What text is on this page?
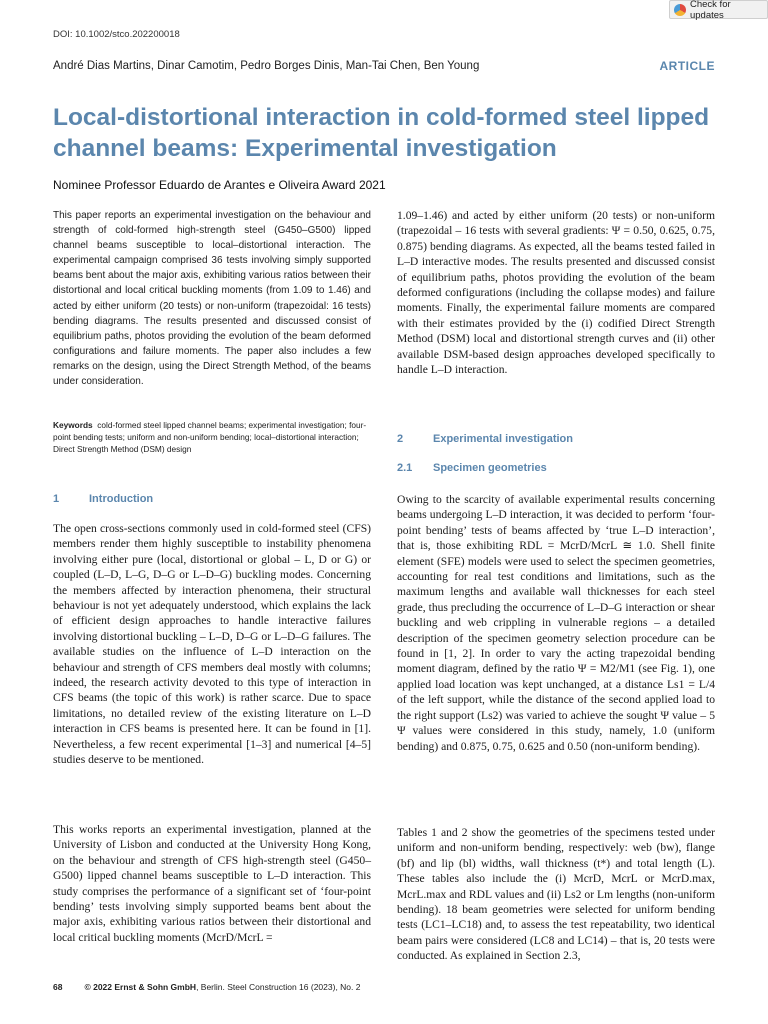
DOI: 10.1002/stco.202200018
Check for updates
André Dias Martins, Dinar Camotim, Pedro Borges Dinis, Man-Tai Chen, Ben Young	ARTICLE
Local-distortional interaction in cold-formed steel lipped channel beams: Experimental investigation
Nominee Professor Eduardo de Arantes e Oliveira Award 2021
This paper reports an experimental investigation on the behaviour and strength of cold-formed high-strength steel (G450–G500) lipped channel beams susceptible to local–distortional interaction. The experimental campaign comprised 36 tests involving simply supported beams bent about the major axis, exhibiting various ratios between their distortional and local critical buckling moments (from 1.09 to 1.46) and acted by either uniform (20 tests) or non-uniform (trapezoidal: 16 tests) bending diagrams. The results presented and discussed consist of equilibrium paths, photos providing the evolution of the beam deformed configurations and failure moments. The paper also includes a few remarks on the design, using the Direct Strength Method, of the beams under consideration.
Keywords cold-formed steel lipped channel beams; experimental investigation; four-point bending tests; uniform and non-uniform bending; local–distortional interaction; Direct Strength Method (DSM) design
1.09–1.46) and acted by either uniform (20 tests) or non-uniform (trapezoidal – 16 tests with several gradients: Ψ = 0.50, 0.625, 0.75, 0.875) bending diagrams. As expected, all the beams tested failed in L–D interactive modes. The results presented and discussed consist of equilibrium paths, photos providing the evolution of the beam deformed configurations (including the collapse modes) and failure moments. Finally, the experimental failure moments are compared with their estimates provided by the (i) codified Direct Strength Method (DSM) local and distortional strength curves and (ii) other available DSM-based design approaches developed specifically to handle L–D interaction.
2	Experimental investigation
2.1 Specimen geometries
1	Introduction
The open cross-sections commonly used in cold-formed steel (CFS) members render them highly susceptible to instability phenomena involving either pure (local, distortional or global – L, D or G) or coupled (L–D, L–G, D–G or L–D–G) buckling modes. Concerning the members affected by interaction phenomena, their structural behaviour is not yet adequately understood, which explains the lack of efficient design approaches to handle interactive failures involving distortional buckling – L–D, D–G or L–D–G failures. The available studies on the influence of L–D interaction on the behaviour and strength of CFS members deal mostly with columns; indeed, the research activity devoted to this type of interaction in CFS beams (the topic of this work) is rather scarce. Due to space limitations, no detailed review of the existing literature on L–D interaction in CFS beams is presented here. It can be found in [1]. Nevertheless, a few recent experimental [1–3] and numerical [4–5] studies deserve to be mentioned.
This works reports an experimental investigation, planned at the University of Lisbon and conducted at the University Hong Kong, on the behaviour and strength of CFS high-strength steel (G450–G500) lipped channel beams susceptible to L–D interaction. This study comprises the performance of a significant set of ‘four-point bending’ tests involving simply supported beams bent about the major axis, exhibiting various ratios between their distortional and local critical buckling moments (McrD/McrL =
Owing to the scarcity of available experimental results concerning beams undergoing L–D interaction, it was decided to perform ‘four-point bending’ tests of beams affected by ‘true L–D interaction’, that is, those exhibiting RDL = McrD/McrL ≅ 1.0. Shell finite element (SFE) models were used to select the specimen geometries, accounting for real test conditions and limitations, such as the maximum lengths and available wall thicknesses for each steel grade, thus precluding the occurrence of L–D–G interaction or shear buckling and web crippling in vulnerable regions – a detailed description of the specimen geometry selection procedure can be found in [1, 2]. In order to vary the acting trapezoidal bending moment diagram, defined by the ratio Ψ = M2/M1 (see Fig. 1), one applied load location was kept unchanged, at a distance Ls1 = L/4 of the left support, while the distance of the second applied load to the right support (Ls2) was varied to achieve the sought Ψ value – 5 Ψ values were considered in this study, namely, 1.0 (uniform bending) and 0.875, 0.75, 0.625 and 0.50 (non-uniform bending).
Tables 1 and 2 show the geometries of the specimens tested under uniform and non-uniform bending, respectively: web (bw), flange (bf) and lip (bl) widths, wall thickness (t*) and total length (L). These tables also include the (i) McrD, McrL or McrD.max, McrL.max and RDL values and (ii) Ls2 or Lm lengths (non-uniform bending). 18 beam geometries were selected for uniform bending tests (LC1–LC18) and, to assess the test repeatability, two identical beam pairs were considered (LC8 and LC14) – that is, 20 tests were conducted. As explained in Section 2.3,
68	© 2022 Ernst & Sohn GmbH, Berlin. Steel Construction 16 (2023), No. 2
